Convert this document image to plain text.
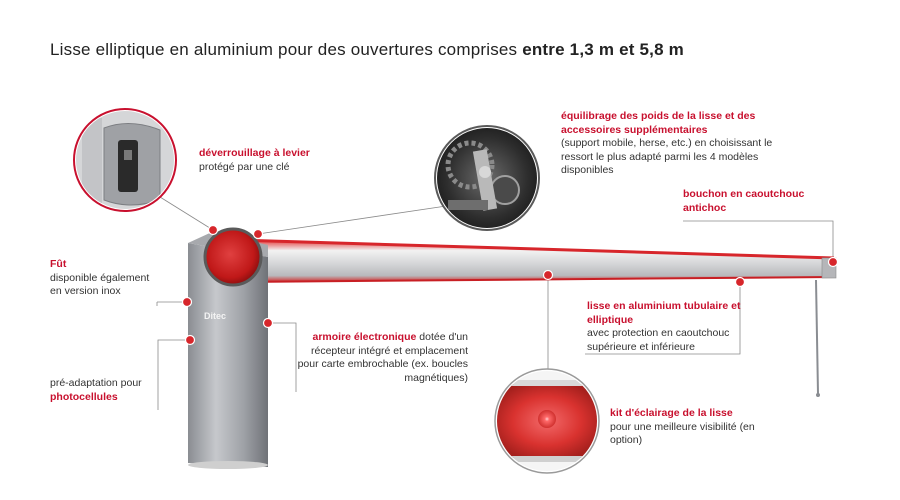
Ditec
Lisse elliptique en aluminium pour des ouvertures comprises entre 1,3 m et 5,8 m
déverrouillage à levier
protégé par une clé
équilibrage des poids de la lisse et des accessoires supplémentaires
(support mobile, herse, etc.) en choisissant le ressort le plus adapté parmi les 4 modèles disponibles
bouchon en caoutchouc antichoc
Fût
disponible également en version inox
armoire électronique dotée d'un récepteur intégré et emplacement pour carte embrochable (ex. boucles magnétiques)
lisse en aluminium tubulaire et elliptique
avec protection en caoutchouc supérieure et inférieure
pré-adaptation pour photocellules
kit d'éclairage de la lisse
pour une meilleure visibilité (en option)
